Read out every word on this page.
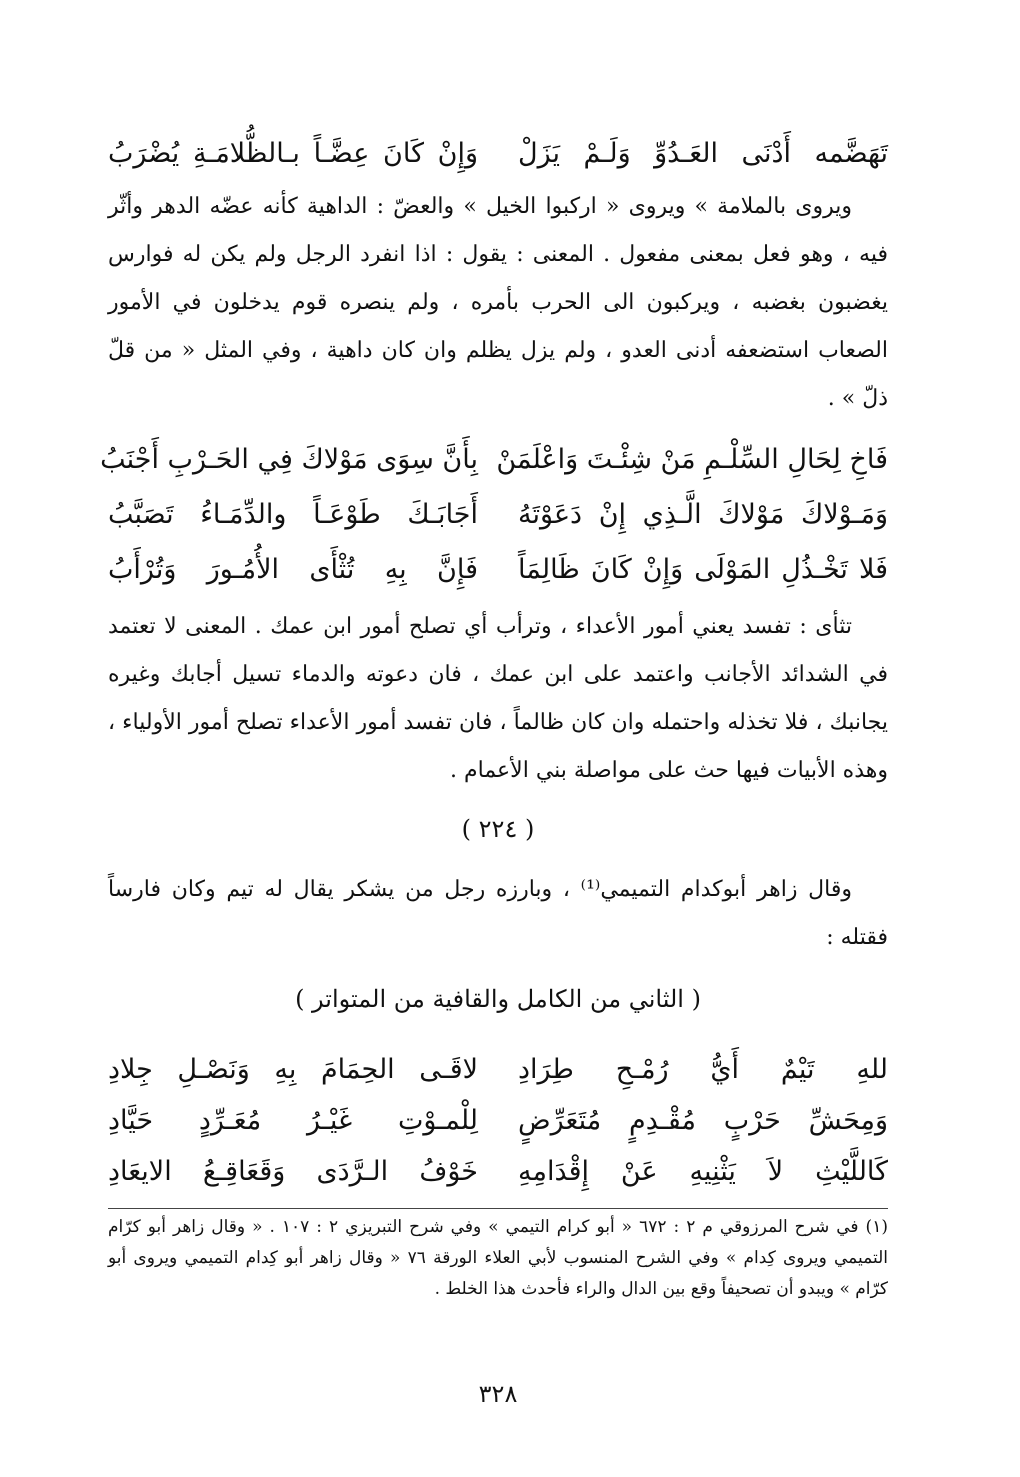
تَهَضَّمه أَدْنَى العَـدُوِّ وَلَـمْ يَزَلْ
وَإِنْ كَانَ عِضَّـاً بـالظُّلامَـةِ يُضْرَبُ

ويروى بالملامة » ويروى « اركبوا الخيل » والعضّ : الداهية كأنه عضّه الدهر وأثّر فيه ، وهو فعل بمعنى مفعول . المعنى : يقول : اذا انفرد الرجل ولم يكن له فوارس يغضبون بغضبه ، ويركبون الى الحرب بأمره ، ولم ينصره قوم يدخلون في الأمور الصعاب استضعفه أدنى العدو ، ولم يزل يظلم وان كان داهية ، وفي المثل « من قلّ ذلّ » .

فَاخِ لِحَالِ السِّلْـمِ مَنْ شِئْـتَ وَاعْلَمَنْ
بِأَنَّ سِوَى مَوْلاكَ فِي الحَـرْبِ أَجْنَبُ
وَمَـوْلاكَ مَوْلاكَ الَّـذِي إِنْ دَعَوْتَهُ
أَجَابَـكَ طَوْعَـاً والدِّمَـاءُ تَصَبَّبُ
فَلا تَخْـذُلِ المَوْلَى وَإِنْ كَانَ ظَالِمَاً
فَإِنَّ بِهِ تُثْأَى الأُمُـورَ وَتُرْأَبُ

تثأى : تفسد يعني أمور الأعداء ، وترأب أي تصلح أمور ابن عمك . المعنى لا تعتمد في الشدائد الأجانب واعتمد على ابن عمك ، فان دعوته والدماء تسيل أجابك وغيره يجانبك ، فلا تخذله واحتمله وان كان ظالماً ، فان تفسد أمور الأعداء تصلح أمور الأولياء ، وهذه الأبيات فيها حث على مواصلة بني الأعمام .

( ٢٢٤ )

وقال زاهر أبوكدام التميمي⁽¹⁾ ، وبارزه رجل من يشكر يقال له تيم وكان فارساً فقتله :

( الثاني من الكامل والقافية من المتواتر )
للهِ تَيْمٌ أَيُّ رُمْـحِ طِرَادِ
لاقَـى الحِمَامَ بِهِ وَنَصْـلِ جِلادِ
وَمِحَشِّ حَرْبٍ مُقْـدِمٍ مُتَعَرِّضٍ
لِلْمـوْتِ غَيْـرُ مُعَـرِّدٍ حَيَّادِ
كَاللَّيْثِ لاَ يَثْنِيهِ عَنْ إِقْدَامِهِ
خَوْفُ الـرَّدَى وَقَعَاقِـعُ الايعَادِ
(١) في شرح المرزوقي م ٢ : ٦٧٢ « أبو كرام التيمي » وفي شرح التبريزي ٢ : ١٠٧ . « وقال زاهر أبو كرّام التميمي ويروى كِدام » وفي الشرح المنسوب لأبي العلاء الورقة ٧٦ « وقال زاهر أبو كِدام التميمي ويروى أبو كرّام » ويبدو أن تصحيفاً وقع بين الدال والراء فأحدث هذا الخلط .
٣٢٨
